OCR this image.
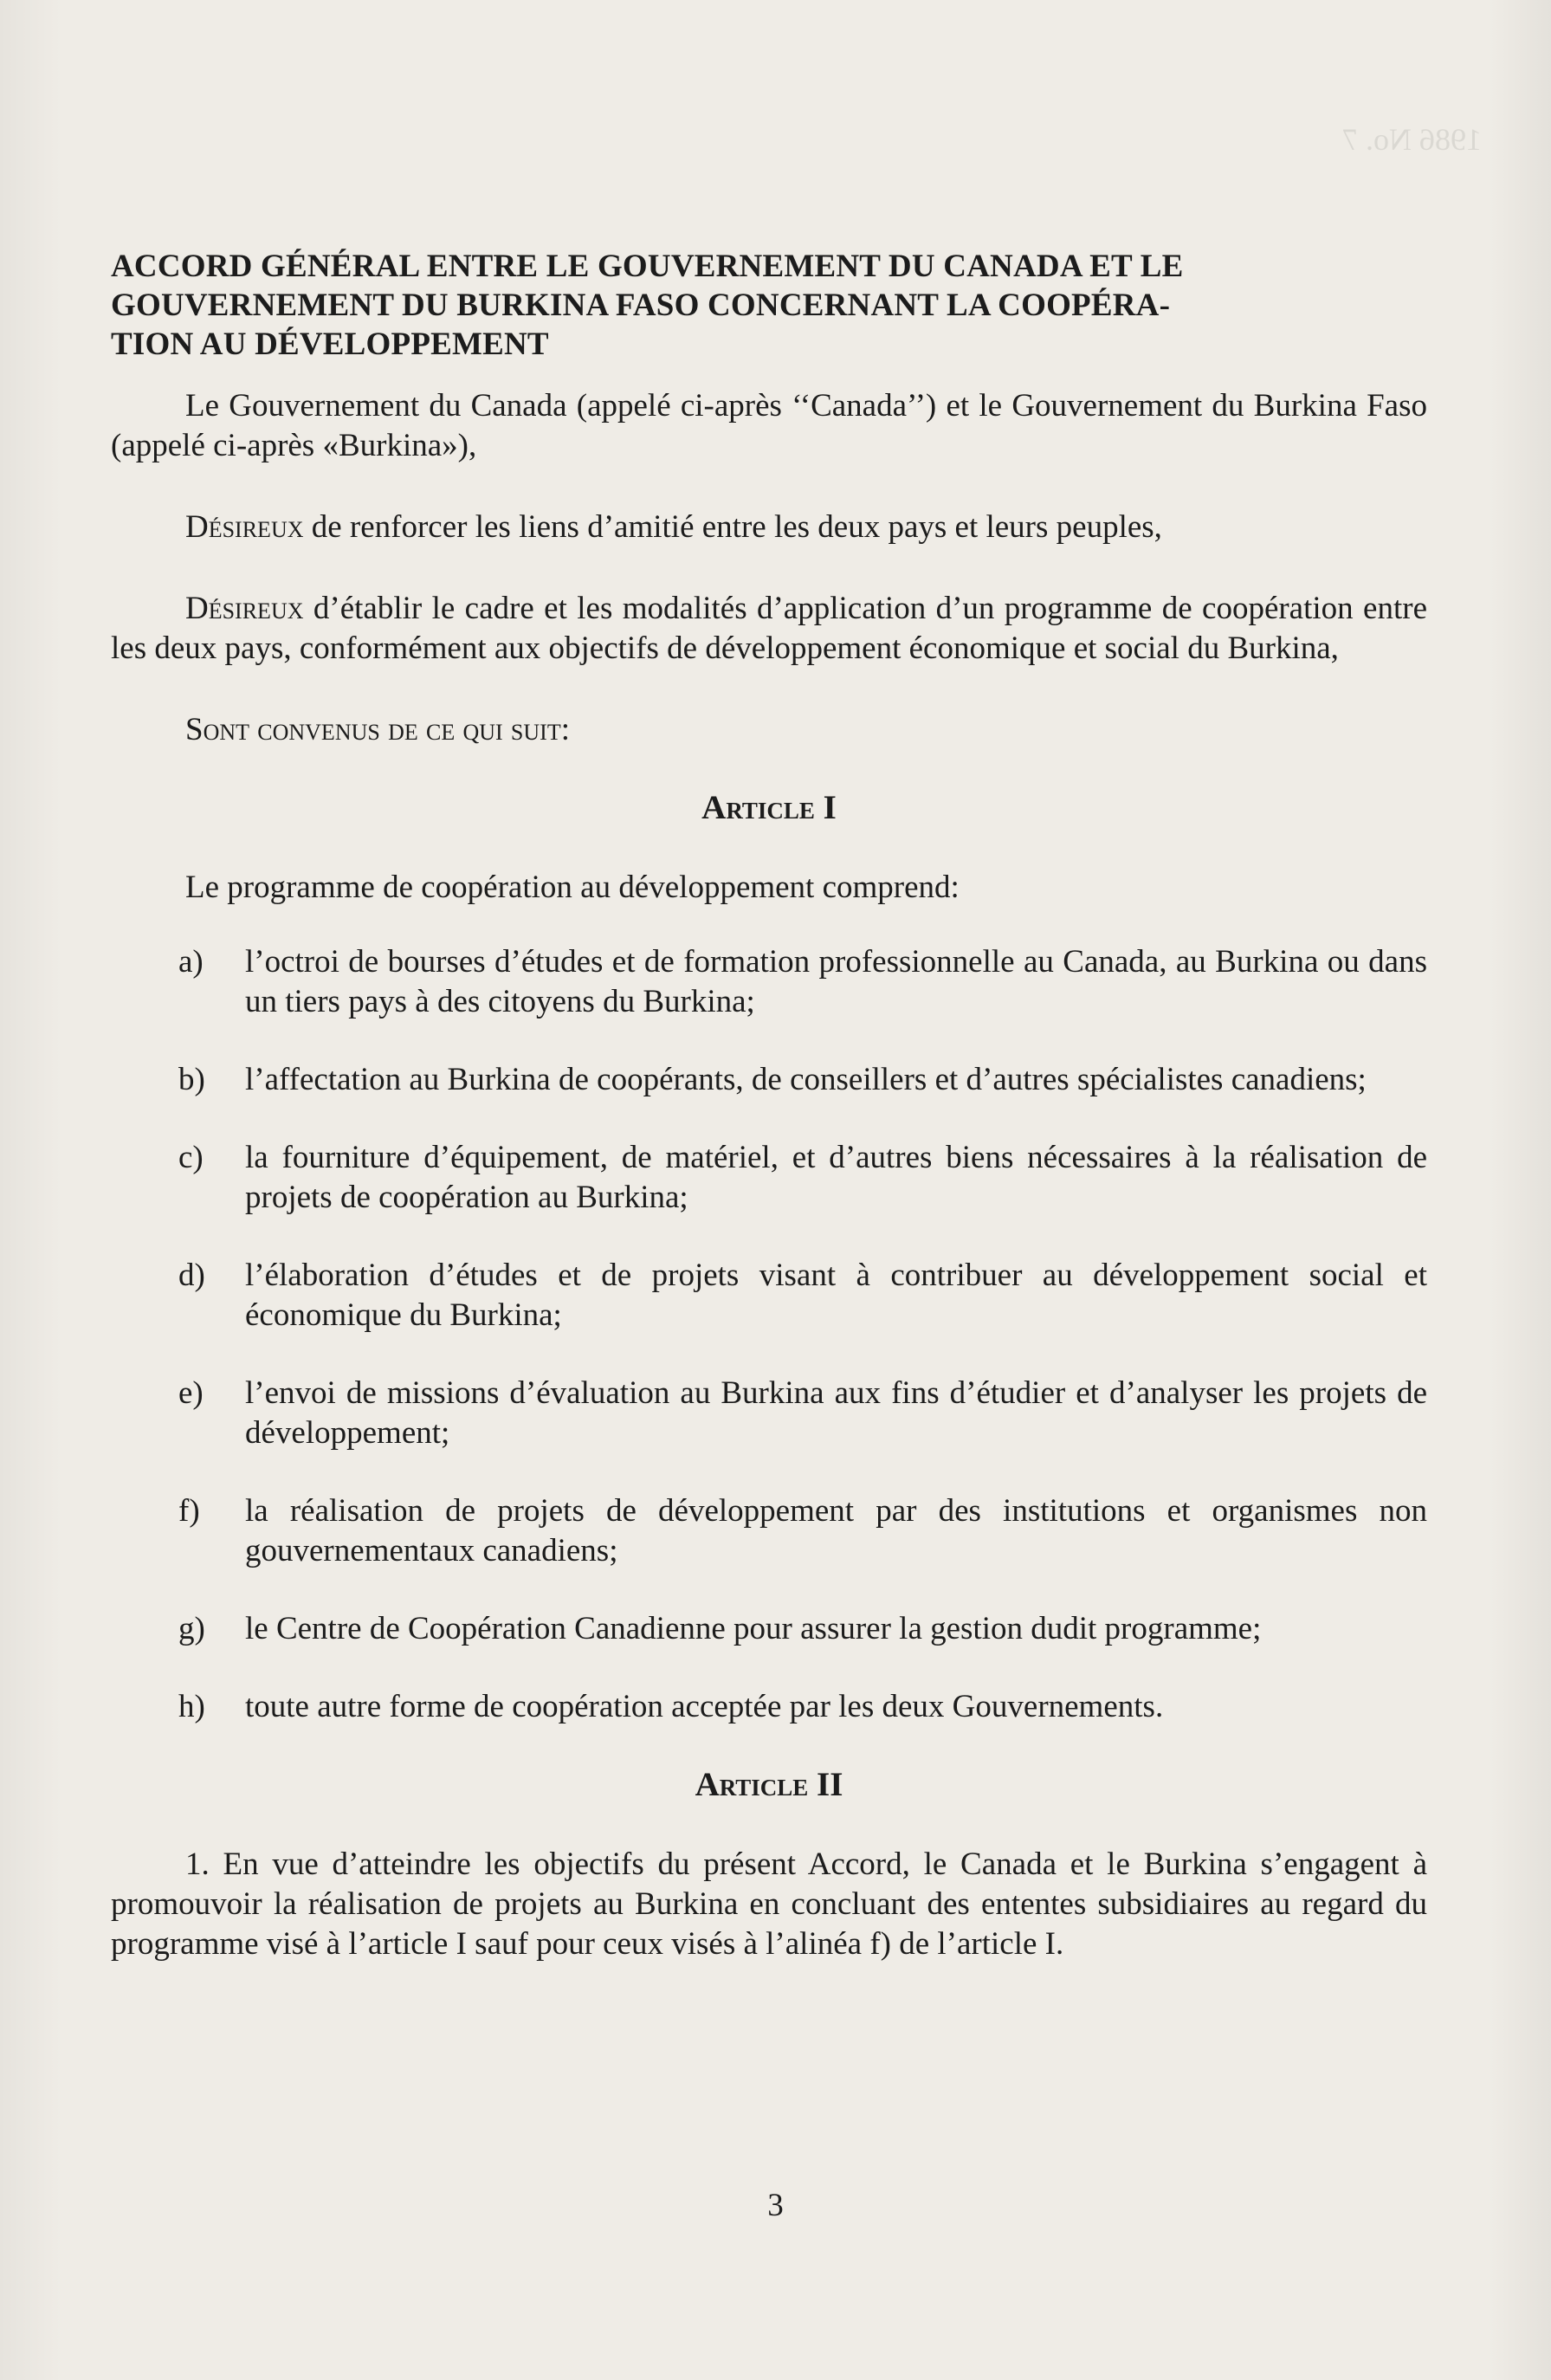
1986 No. 7
ACCORD GÉNÉRAL ENTRE LE GOUVERNEMENT DU CANADA ET LE
GOUVERNEMENT DU BURKINA FASO CONCERNANT LA COOPÉRA-
TION AU DÉVELOPPEMENT

Le Gouvernement du Canada (appelé ci-après ‘‘Canada’’) et le Gouvernement du Burkina Faso (appelé ci-après «Burkina»),

Désireux de renforcer les liens d’amitié entre les deux pays et leurs peuples,

Désireux d’établir le cadre et les modalités d’application d’un programme de coopération entre les deux pays, conformément aux objectifs de développement économique et social du Burkina,

Sont convenus de ce qui suit:

Article I

Le programme de coopération au développement comprend:

a)	l’octroi de bourses d’études et de formation professionnelle au Canada, au Burkina ou dans un tiers pays à des citoyens du Burkina;
b)	l’affectation au Burkina de coopérants, de conseillers et d’autres spécialistes canadiens;
c)	la fourniture d’équipement, de matériel, et d’autres biens nécessaires à la réalisation de projets de coopération au Burkina;
d)	l’élaboration d’études et de projets visant à contribuer au développement social et économique du Burkina;
e)	l’envoi de missions d’évaluation au Burkina aux fins d’étudier et d’analyser les projets de développement;
f)	la réalisation de projets de développement par des institutions et organismes non gouvernementaux canadiens;
g)	le Centre de Coopération Canadienne pour assurer la gestion dudit programme;
h)	toute autre forme de coopération acceptée par les deux Gouvernements.
Article II

1. En vue d’atteindre les objectifs du présent Accord, le Canada et le Burkina s’engagent à promouvoir la réalisation de projets au Burkina en concluant des ententes subsidiaires au regard du programme visé à l’article I sauf pour ceux visés à l’alinéa f) de l’article I.

3
